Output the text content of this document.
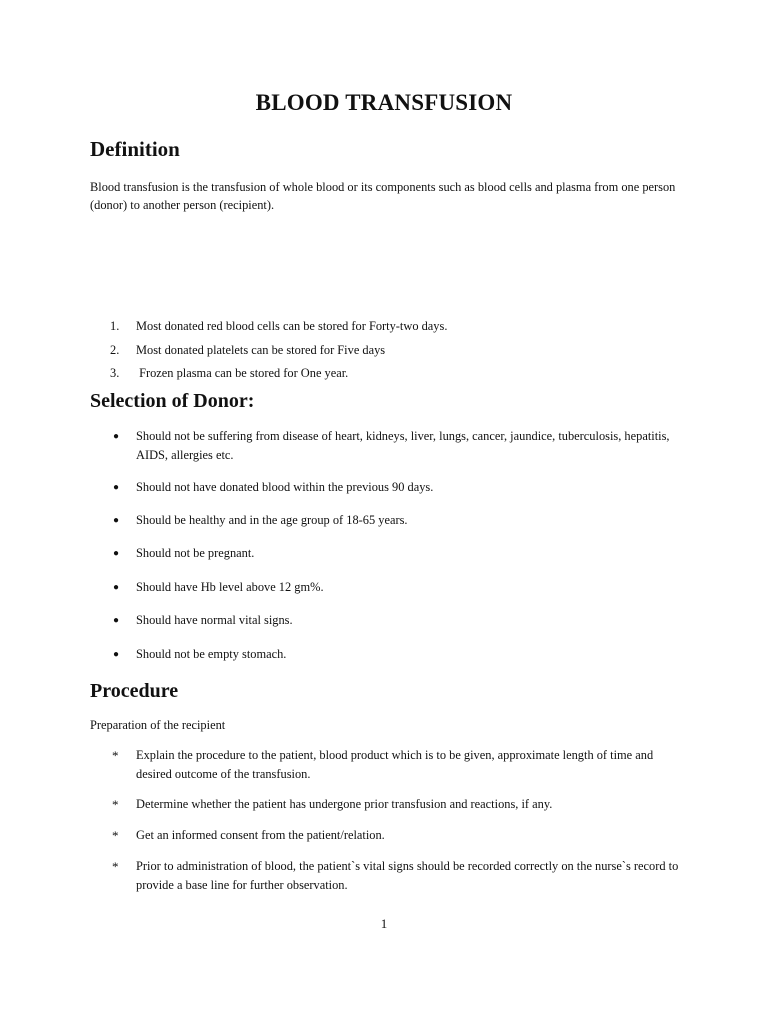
BLOOD TRANSFUSION
Definition

Blood transfusion is the transfusion of whole blood or its components such as blood cells and plasma from one person (donor) to another person (recipient).

1.	Most donated red blood cells can be stored for Forty-two days.
2.	Most donated platelets can be stored for Five days
3.	Frozen plasma can be stored for One year.
Selection of Donor:
●	Should not be suffering from disease of heart, kidneys, liver, lungs, cancer, jaundice, tuberculosis, hepatitis, AIDS, allergies etc.
●	Should not have donated blood within the previous 90 days.
●	Should be healthy and in the age group of 18-65 years.
●	Should not be pregnant.
●	Should have Hb level above 12 gm%.
●	Should have normal vital signs.
●	Should not be empty stomach.
Procedure

Preparation of the recipient

*	Explain the procedure to the patient, blood product which is to be given, approximate length of time and desired outcome of the transfusion.
*	Determine whether the patient has undergone prior transfusion and reactions, if any.
*	Get an informed consent from the patient/relation.
*	Prior to administration of blood, the patient`s vital signs should be recorded correctly on the nurse`s record to provide a base line for further observation.
1
